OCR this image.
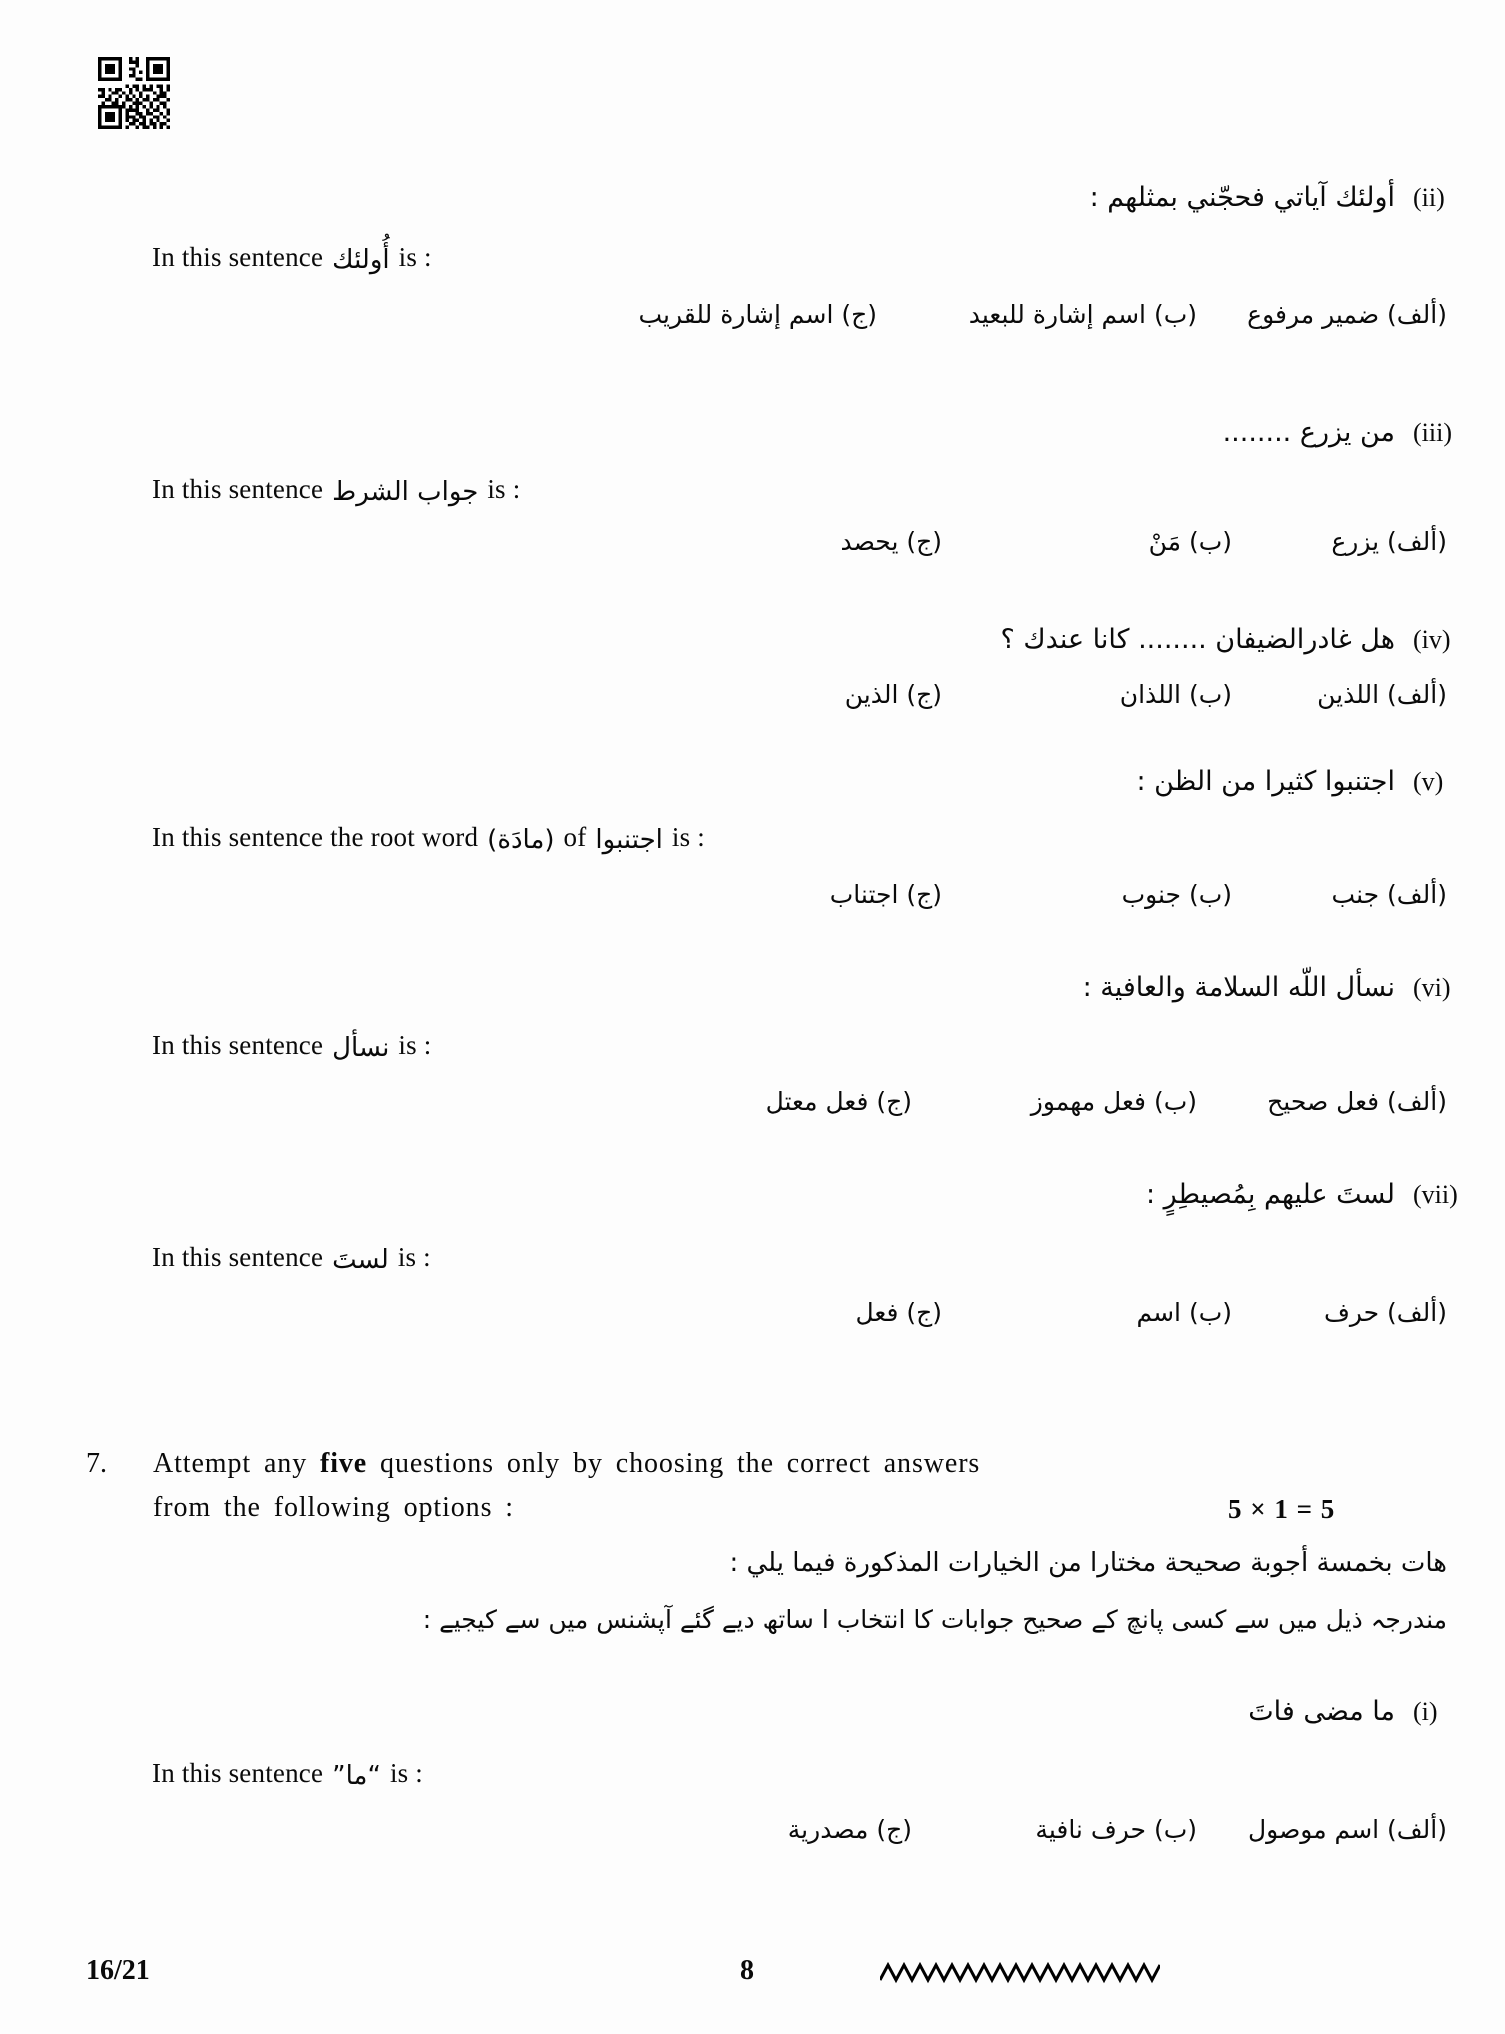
أولئك آياتي فحجّني بمثلهم : (ii)
In this sentence أُولئك is :
(ألف) ضمير مرفوع
(ب) اسم إشارة للبعيد
(ج) اسم إشارة للقريب
من يزرع ........ (iii)
In this sentence جواب الشرط is :
(ألف) يزرع
(ب) مَنْ
(ج) يحصد
هل غادرالضيفان ........ كانا عندك ؟ (iv)
(ألف) اللذين
(ب) اللذان
(ج) الذين
اجتنبوا كثيرا من الظن : (v)
In this sentence the root word (مادَة) of اجتنبوا is :
(ألف) جنب
(ب) جنوب
(ج) اجتناب
نسأل اللّه السلامة والعافية : (vi)
In this sentence نسأل is :
(ألف) فعل صحيح
(ب) فعل مهموز
(ج) فعل معتل
لستَ عليهم بِمُصيطِرٍ : (vii)
In this sentence لستَ is :
(ألف) حرف
(ب) اسم
(ج) فعل
7. Attempt any five questions only by choosing the correct answers
from the following options :	5 × 1 = 5
هات بخمسة أجوبة صحيحة مختارا من الخيارات المذكورة فيما يلي :
مندرجہ ذیل میں سے کسی پانچ کے صحیح جوابات کا انتخاب ا ساتھ دیے گئے آپشنس میں سے کیجیے :
ما مضى فاتَ (i)
In this sentence “ما” is :
(ألف) اسم موصول
(ب) حرف نافية
(ج) مصدرية
16/21	8
